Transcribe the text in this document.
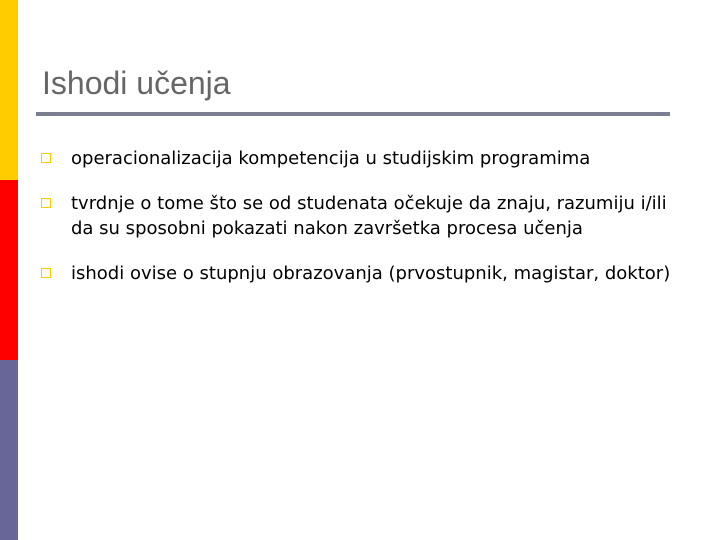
Ishodi učenja
operacionalizacija kompetencija u studijskim programima
tvrdnje o tome što se od studenata očekuje da znaju, razumiju i/ili da su sposobni pokazati nakon završetka procesa učenja
ishodi ovise o stupnju obrazovanja (prvostupnik, magistar, doktor)
